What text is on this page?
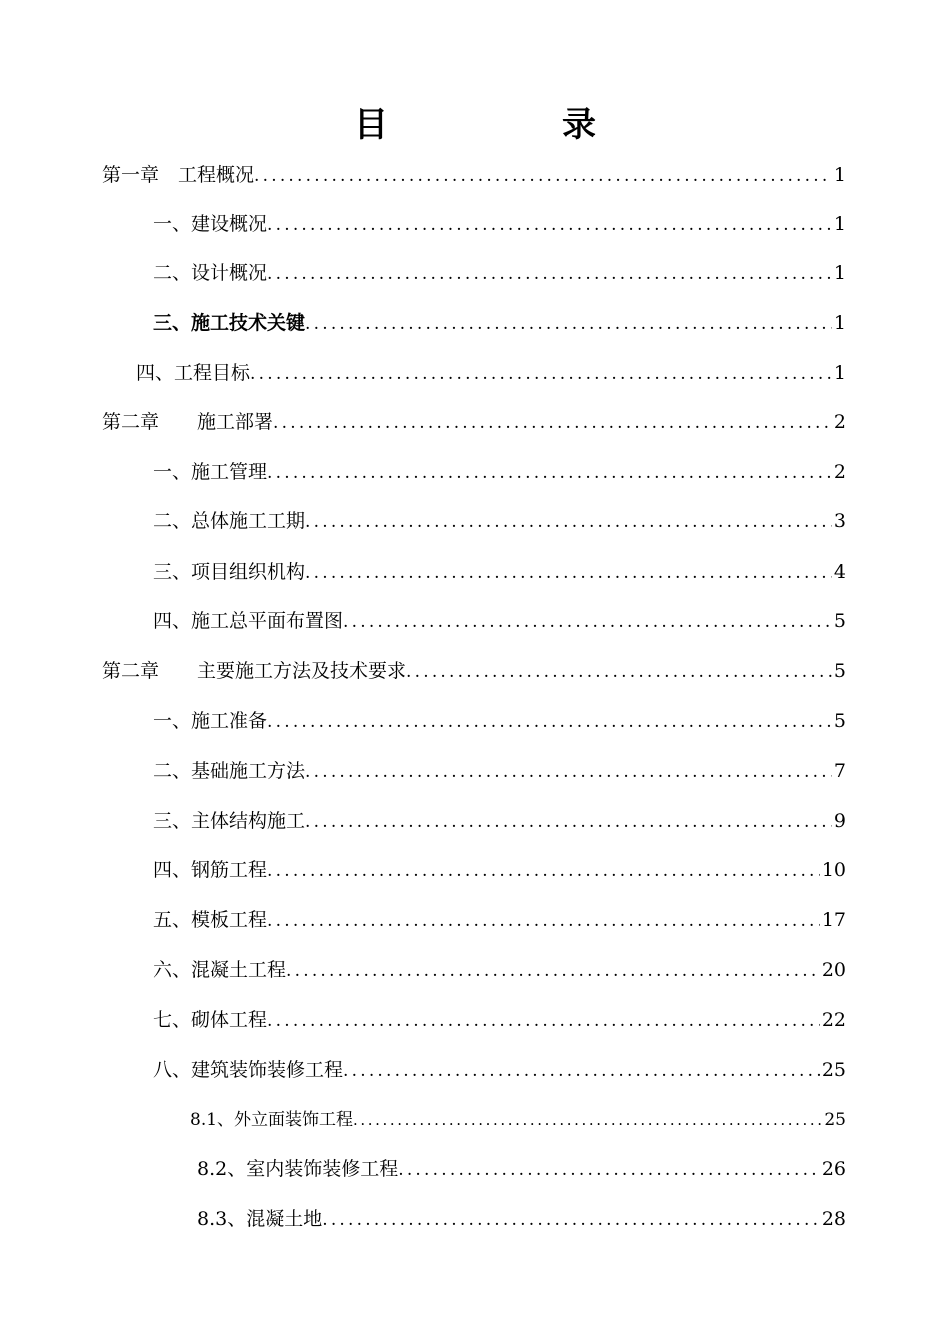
目　录
第一章　工程概况 .....	1
一、建设概况 .....	1
二、设计概况 .....	1
三、施工技术关键 .....	1
四、工程目标 .....	1
第二章　　施工部署 .....	2
一、施工管理 .....	2
二、总体施工工期 .....	3
三、项目组织机构 .....	4
四、施工总平面布置图 .....	5
第二章　　主要施工方法及技术要求 .....	5
一、施工准备 .....	5
二、基础施工方法 .....	7
三、主体结构施工 .....	9
四、钢筋工程 .....	10
五、模板工程 .....	17
六、混凝土工程 .....	20
七、砌体工程 .....	22
八、建筑装饰装修工程 .....	25
8.1、外立面装饰工程 .....	25
8.2、室内装饰装修工程 .....	26
8.3、混凝土地 .....	28
